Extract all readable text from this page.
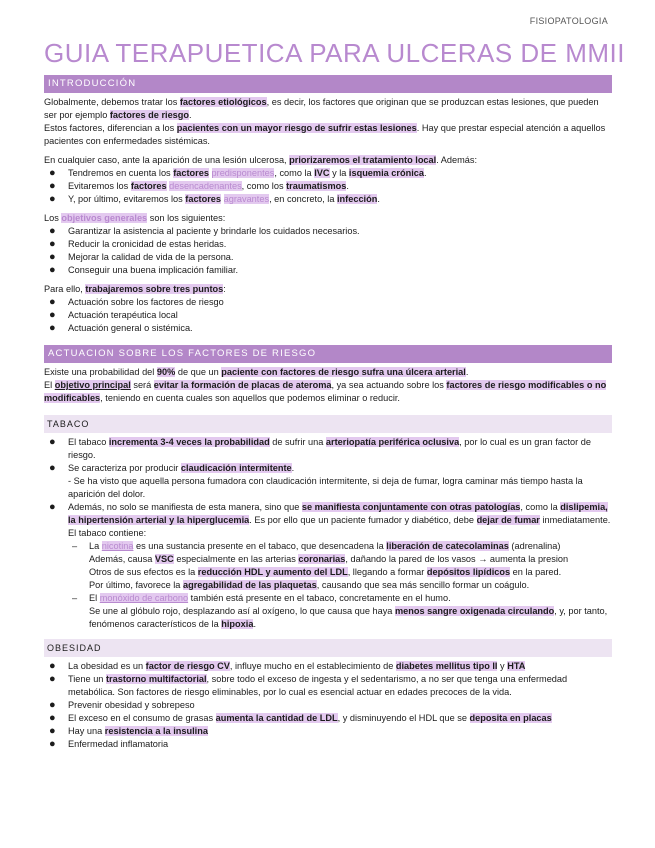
FISIOPATOLOGIA
GUIA TERAPUETICA PARA ULCERAS DE MMII
INTRODUCCIÓN

Globalmente, debemos tratar los factores etiológicos, es decir, los factores que originan que se produzcan estas lesiones, que pueden ser por ejemplo factores de riesgo.

Estos factores, diferencian a los pacientes con un mayor riesgo de sufrir estas lesiones. Hay que prestar especial atención a aquellos pacientes con enfermedades sistémicas.

En cualquier caso, ante la aparición de una lesión ulcerosa, priorizaremos el tratamiento local. Además:

● Tendremos en cuenta los factores predisponentes, como la IVC y la isquemia crónica.
● Evitaremos los factores desencadenantes, como los traumatismos.
● Y, por último, evitaremos los factores agravantes, en concreto, la infección.

Los objetivos generales son los siguientes:

● Garantizar la asistencia al paciente y brindarle los cuidados necesarios.
● Reducir la cronicidad de estas heridas.
● Mejorar la calidad de vida de la persona.
● Conseguir una buena implicación familiar.

Para ello, trabajaremos sobre tres puntos:

● Actuación sobre los factores de riesgo
● Actuación terapéutica local
● Actuación general o sistémica.
ACTUACION SOBRE LOS FACTORES DE RIESGO

Existe una probabilidad del 90% de que un paciente con factores de riesgo sufra una úlcera arterial.

El objetivo principal será evitar la formación de placas de ateroma, ya sea actuando sobre los factores de riesgo modificables o no modificables, teniendo en cuenta cuales son aquellos que podemos eliminar o reducir.

TABACO
● El tabaco incrementa 3-4 veces la probabilidad de sufrir una arteriopatía periférica oclusiva, por lo cual es un gran factor de riesgo.
● Se caracteriza por producir claudicación intermitente.
- Se ha visto que aquella persona fumadora con claudicación intermitente, si deja de fumar, logra caminar más tiempo hasta la aparición del dolor.
● Además, no solo se manifiesta de esta manera, sino que se manifiesta conjuntamente con otras patologías, como la dislipemia, la hipertensión arterial y la hiperglucemia. Es por ello que un paciente fumador y diabético, debe dejar de fumar inmediatamente. El tabaco contiene:
– La nicotina es una sustancia presente en el tabaco, que desencadena la liberación de catecolaminas (adrenalina)
Además, causa VSC especialmente en las arterias coronarias, dañando la pared de los vasos → aumenta la presion
Otros de sus efectos es la reducción HDL y aumento del LDL, llegando a formar depósitos lipídicos en la pared.
Por último, favorece la agregabilidad de las plaquetas, causando que sea más sencillo formar un coágulo.
– El monóxido de carbono también está presente en el tabaco, concretamente en el humo.
Se une al glóbulo rojo, desplazando así al oxígeno, lo que causa que haya menos sangre oxigenada circulando, y, por tanto, fenómenos característicos de la hipoxia.
OBESIDAD
● La obesidad es un factor de riesgo CV, influye mucho en el establecimiento de diabetes mellitus tipo II y HTA
● Tiene un trastorno multifactorial, sobre todo el exceso de ingesta y el sedentarismo, a no ser que tenga una enfermedad metabólica. Son factores de riesgo eliminables, por lo cual es esencial actuar en edades precoces de la vida.
● Prevenir obesidad y sobrepeso
● El exceso en el consumo de grasas aumenta la cantidad de LDL, y disminuyendo el HDL que se deposita en placas
● Hay una resistencia a la insulina
● Enfermedad inflamatoria
